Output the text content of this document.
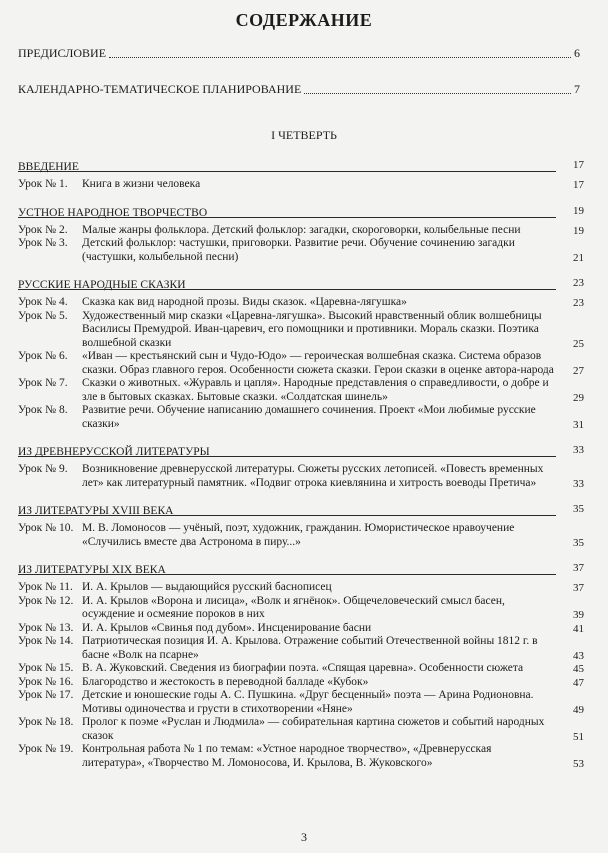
СОДЕРЖАНИЕ
ПРЕДИСЛОВИЕ	6
КАЛЕНДАРНО-ТЕМАТИЧЕСКОЕ ПЛАНИРОВАНИЕ	7
I ЧЕТВЕРТЬ
ВВЕДЕНИЕ	17
Урок № 1. Книга в жизни человека	17
УСТНОЕ НАРОДНОЕ ТВОРЧЕСТВО	19
Урок № 2. Малые жанры фольклора. Детский фольклор: загадки, скороговорки, колыбельные песни	19
Урок № 3. Детский фольклор: частушки, приговорки. Развитие речи. Обучение сочинению загадки (частушки, колыбельной песни)	21
РУССКИЕ НАРОДНЫЕ СКАЗКИ	23
Урок № 4. Сказка как вид народной прозы. Виды сказок. «Царевна-лягушка»	23
Урок № 5. Художественный мир сказки «Царевна-лягушка». Высокий нравственный облик волшебницы Василисы Премудрой. Иван-царевич, его помощники и противники. Мораль сказки. Поэтика волшебной сказки	25
Урок № 6. «Иван — крестьянский сын и Чудо-Юдо» — героическая волшебная сказка. Система образов сказки. Образ главного героя. Особенности сюжета сказки. Герои сказки в оценке автора-народа 27
Урок № 7. Сказки о животных. «Журавль и цапля». Народные представления о справедливости, о добре и зле в бытовых сказках. Бытовые сказки. «Солдатская шинель»	29
Урок № 8. Развитие речи. Обучение написанию домашнего сочинения. Проект «Мои любимые русские сказки»	31
ИЗ ДРЕВНЕРУССКОЙ ЛИТЕРАТУРЫ	33
Урок № 9. Возникновение древнерусской литературы. Сюжеты русских летописей. «Повесть временных лет» как литературный памятник. «Подвиг отрока киевлянина и хитрость воеводы Претича»	33
ИЗ ЛИТЕРАТУРЫ XVIII ВЕКА	35
Урок № 10. М. В. Ломоносов — учёный, поэт, художник, гражданин. Юмористическое нравоучение «Случились вместе два Астронома в пиру...»	35
ИЗ ЛИТЕРАТУРЫ XIX ВЕКА	37
Урок № 11. И. А. Крылов — выдающийся русский баснописец	37
Урок № 12. И. А. Крылов «Ворона и лисица», «Волк и ягнёнок». Общечеловеческий смысл басен, осуждение и осмеяние пороков в них	39
Урок № 13. И. А. Крылов «Свинья под дубом». Инсценирование басни	41
Урок № 14. Патриотическая позиция И. А. Крылова. Отражение событий Отечественной войны 1812 г. в басне «Волк на псарне»	43
Урок № 15. В. А. Жуковский. Сведения из биографии поэта. «Спящая царевна». Особенности сюжета	45
Урок № 16. Благородство и жестокость в переводной балладе «Кубок»	47
Урок № 17. Детские и юношеские годы А. С. Пушкина. «Друг бесценный» поэта — Арина Родионовна. Мотивы одиночества и грусти в стихотворении «Няне»	49
Урок № 18. Пролог к поэме «Руслан и Людмила» — собирательная картина сюжетов и событий народных сказок	51
Урок № 19. Контрольная работа № 1 по темам: «Устное народное творчество», «Древнерусская литература», «Творчество М. Ломоносова, И. Крылова, В. Жуковского»	53
3
